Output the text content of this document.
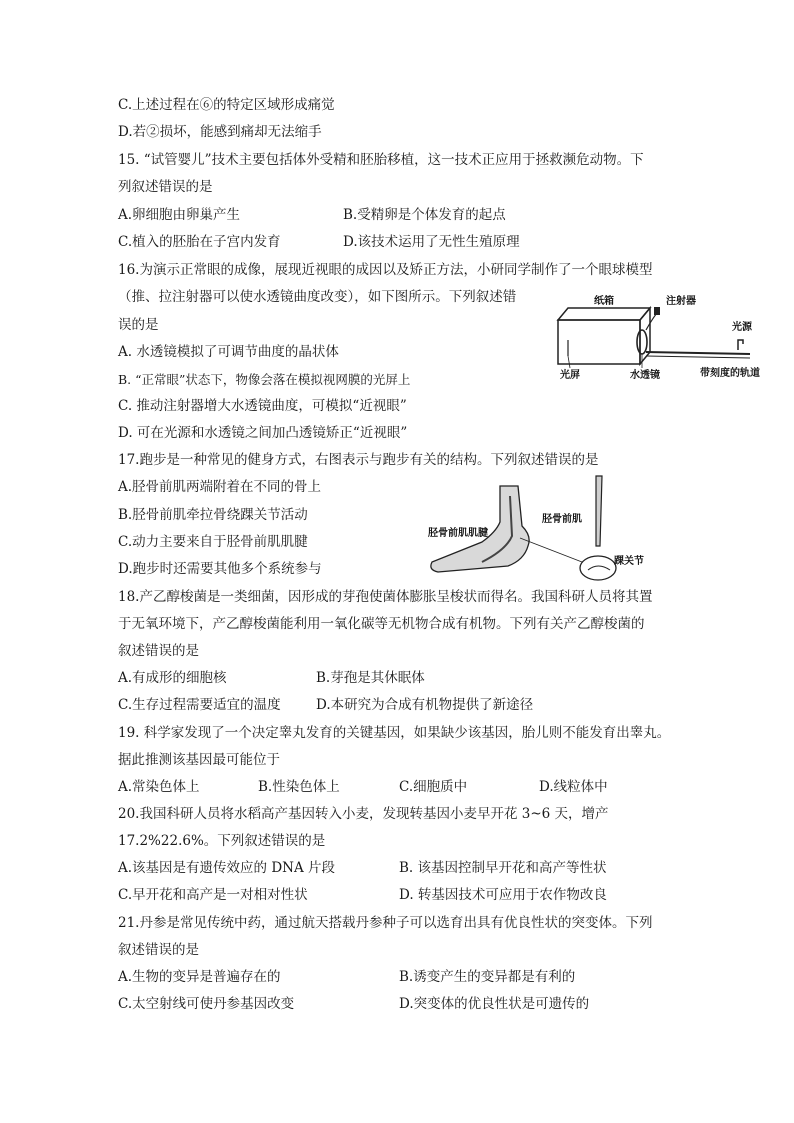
C.上述过程在⑥的特定区域形成痛觉
D.若②损坏，能感到痛却无法缩手
15. “试管婴儿”技术主要包括体外受精和胚胎移植，这一技术正应用于拯救濒危动物。下
列叙述错误的是
A.卵细胞由卵巢产生	B.受精卵是个体发育的起点
C.植入的胚胎在子宫内发育	D.该技术运用了无性生殖原理
16.为演示正常眼的成像，展现近视眼的成因以及矫正方法，小研同学制作了一个眼球模型
（推、拉注射器可以使水透镜曲度改变），如下图所示。下列叙述错
误的是
A. 水透镜模拟了可调节曲度的晶状体
B. “正常眼”状态下，物像会落在模拟视网膜的光屏上
C. 推动注射器增大水透镜曲度，可模拟“近视眼”
D. 可在光源和水透镜之间加凸透镜矫正“近视眼”
17.跑步是一种常见的健身方式，右图表示与跑步有关的结构。下列叙述错误的是
A.胫骨前肌两端附着在不同的骨上
B.胫骨前肌牵拉骨绕踝关节活动
C.动力主要来自于胫骨前肌肌腱
D.跑步时还需要其他多个系统参与
18.产乙醇梭菌是一类细菌，因形成的芽孢使菌体膨胀呈梭状而得名。我国科研人员将其置
于无氧环境下，产乙醇梭菌能利用一氧化碳等无机物合成有机物。下列有关产乙醇梭菌的
叙述错误的是
A.有成形的细胞核	B.芽孢是其休眠体
C.生存过程需要适宜的温度	D.本研究为合成有机物提供了新途径
19. 科学家发现了一个决定睾丸发育的关键基因，如果缺少该基因，胎儿则不能发育出睾丸。
据此推测该基因最可能位于
A.常染色体上	B.性染色体上	C.细胞质中	D.线粒体中
20.我国科研人员将水稻高产基因转入小麦，发现转基因小麦早开花 3~6 天，增产
17.2%22.6%。下列叙述错误的是
A.该基因是有遗传效应的 DNA 片段	B. 该基因控制早开花和高产等性状
C.早开花和高产是一对相对性状	D. 转基因技术可应用于农作物改良
21.丹参是常见传统中药，通过航天搭载丹参种子可以选育出具有优良性状的突变体。下列
叙述错误的是
A.生物的变异是普遍存在的	B.诱变产生的变异都是有利的
C.太空射线可使丹参基因改变	D.突变体的优良性状是可遗传的
纸箱	注射器
光源
光屏	水透镜	带刻度的轨道
胫骨前肌肌腱
胫骨前肌
踝关节
